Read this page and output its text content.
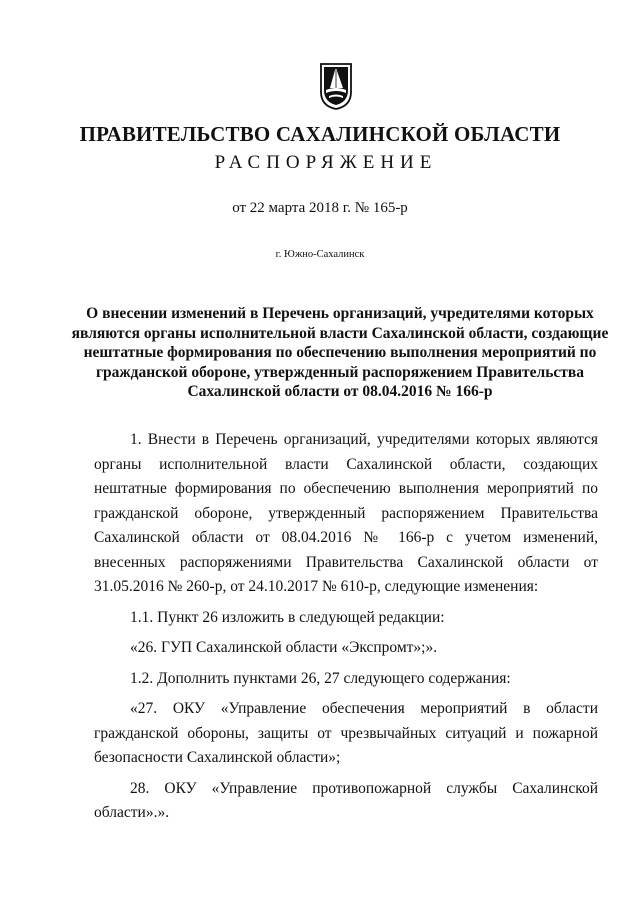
ПРАВИТЕЛЬСТВО САХАЛИНСКОЙ ОБЛАСТИ
РАСПОРЯЖЕНИЕ
от 22 марта 2018 г. № 165-р
г. Южно-Сахалинск
О внесении изменений в Перечень организаций, учредителями которых являются органы исполнительной власти Сахалинской области, создающие нештатные формирования по обеспечению выполнения мероприятий по гражданской обороне, утвержденный распоряжением Правительства Сахалинской области от 08.04.2016 № 166-р

1. Внести в Перечень организаций, учредителями которых являются органы исполнительной власти Сахалинской области, создающих нештатные формирования по обеспечению выполнения мероприятий по гражданской обороне, утвержденный распоряжением Правительства Сахалинской области от 08.04.2016 № 166-р с учетом изменений, внесенных распоряжениями Правительства Сахалинской области от 31.05.2016 № 260-р, от 24.10.2017 № 610-р, следующие изменения:

1.1. Пункт 26 изложить в следующей редакции:

«26. ГУП Сахалинской области «Экспромт»;».

1.2. Дополнить пунктами 26, 27 следующего содержания:

«27. ОКУ «Управление обеспечения мероприятий в области гражданской обороны, защиты от чрезвычайных ситуаций и пожарной безопасности Сахалинской области»;

28. ОКУ «Управление противопожарной службы Сахалинской области».».
